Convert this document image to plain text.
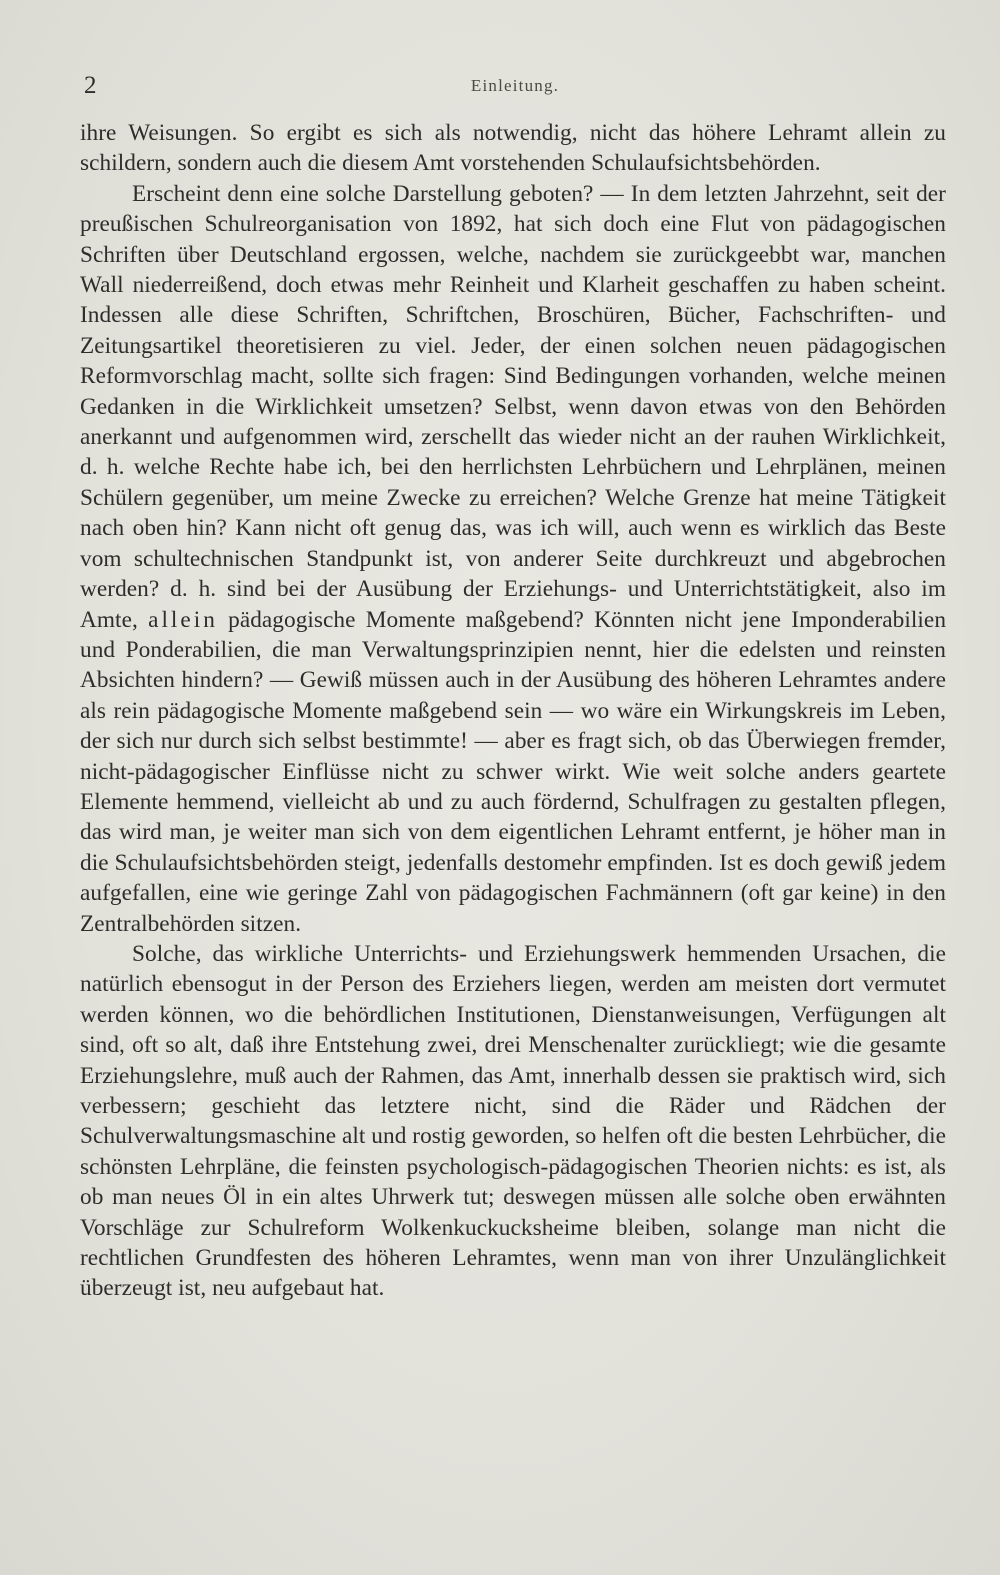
2	Einleitung.

ihre Weisungen. So ergibt es sich als notwendig, nicht das höhere Lehramt allein zu schildern, sondern auch die diesem Amt vorstehenden Schulaufsichtsbehörden.

Erscheint denn eine solche Darstellung geboten? — In dem letzten Jahrzehnt, seit der preußischen Schulreorganisation von 1892, hat sich doch eine Flut von pädagogischen Schriften über Deutschland ergossen, welche, nachdem sie zurückgeebbt war, manchen Wall niederreißend, doch etwas mehr Reinheit und Klarheit geschaffen zu haben scheint. Indessen alle diese Schriften, Schriftchen, Broschüren, Bücher, Fachschriften- und Zeitungsartikel theoretisieren zu viel. Jeder, der einen solchen neuen pädagogischen Reformvorschlag macht, sollte sich fragen: Sind Bedingungen vorhanden, welche meinen Gedanken in die Wirklichkeit umsetzen? Selbst, wenn davon etwas von den Behörden anerkannt und aufgenommen wird, zerschellt das wieder nicht an der rauhen Wirklichkeit, d. h. welche Rechte habe ich, bei den herrlichsten Lehrbüchern und Lehrplänen, meinen Schülern gegenüber, um meine Zwecke zu erreichen? Welche Grenze hat meine Tätigkeit nach oben hin? Kann nicht oft genug das, was ich will, auch wenn es wirklich das Beste vom schultechnischen Standpunkt ist, von anderer Seite durchkreuzt und abgebrochen werden? d. h. sind bei der Ausübung der Erziehungs- und Unterrichtstätigkeit, also im Amte, allein pädagogische Momente maßgebend? Könnten nicht jene Imponderabilien und Ponderabilien, die man Verwaltungsprinzipien nennt, hier die edelsten und reinsten Absichten hindern? — Gewiß müssen auch in der Ausübung des höheren Lehramtes andere als rein pädagogische Momente maßgebend sein — wo wäre ein Wirkungskreis im Leben, der sich nur durch sich selbst bestimmte! — aber es fragt sich, ob das Überwiegen fremder, nicht-pädagogischer Einflüsse nicht zu schwer wirkt. Wie weit solche anders geartete Elemente hemmend, vielleicht ab und zu auch fördernd, Schulfragen zu gestalten pflegen, das wird man, je weiter man sich von dem eigentlichen Lehramt entfernt, je höher man in die Schulaufsichtsbehörden steigt, jedenfalls destomehr empfinden. Ist es doch gewiß jedem aufgefallen, eine wie geringe Zahl von pädagogischen Fachmännern (oft gar keine) in den Zentralbehörden sitzen.

Solche, das wirkliche Unterrichts- und Erziehungswerk hemmenden Ursachen, die natürlich ebensogut in der Person des Erziehers liegen, werden am meisten dort vermutet werden können, wo die behördlichen Institutionen, Dienstanweisungen, Verfügungen alt sind, oft so alt, daß ihre Entstehung zwei, drei Menschenalter zurückliegt; wie die gesamte Erziehungslehre, muß auch der Rahmen, das Amt, innerhalb dessen sie praktisch wird, sich verbessern; geschieht das letztere nicht, sind die Räder und Rädchen der Schulverwaltungsmaschine alt und rostig geworden, so helfen oft die besten Lehrbücher, die schönsten Lehrpläne, die feinsten psychologisch-pädagogischen Theorien nichts: es ist, als ob man neues Öl in ein altes Uhrwerk tut; deswegen müssen alle solche oben erwähnten Vorschläge zur Schulreform Wolkenkuckucksheime bleiben, solange man nicht die rechtlichen Grundfesten des höheren Lehramtes, wenn man von ihrer Unzulänglichkeit überzeugt ist, neu aufgebaut hat.
